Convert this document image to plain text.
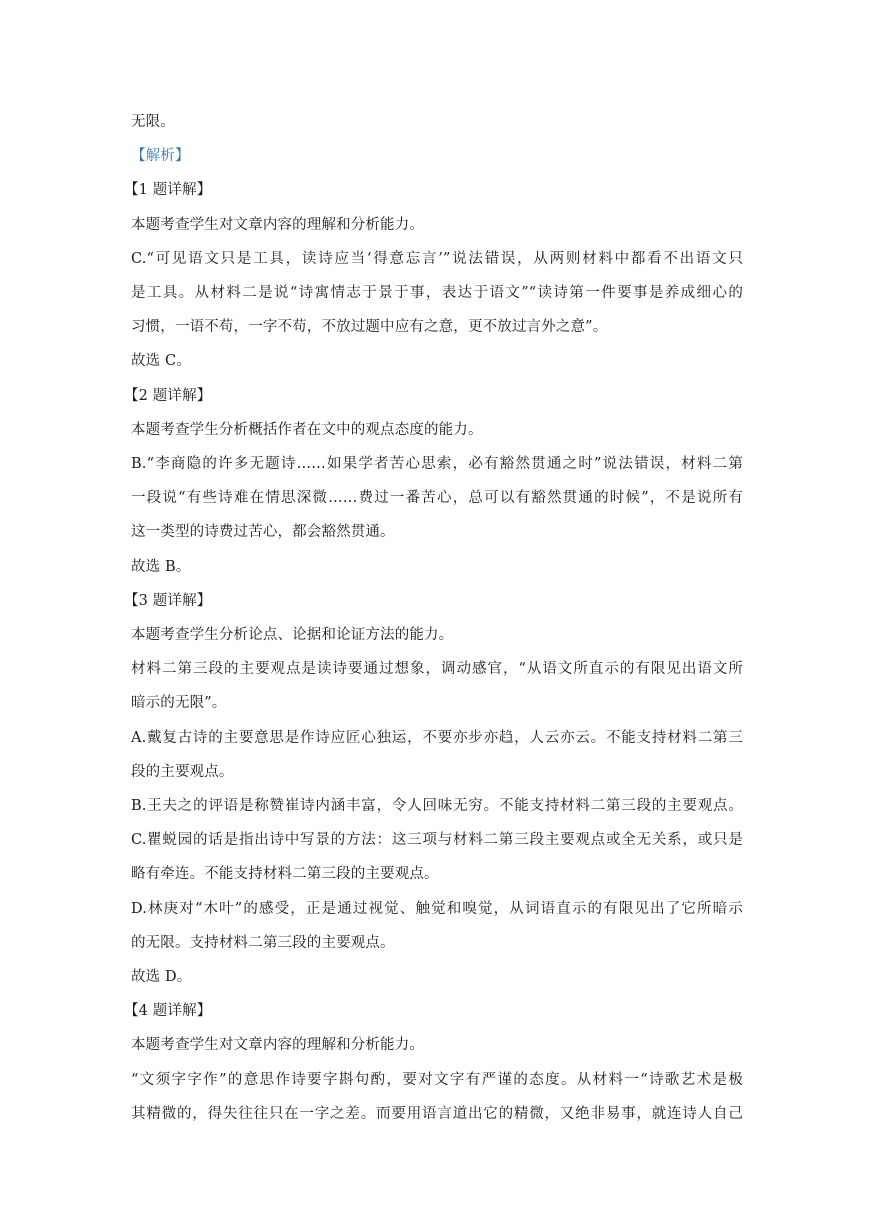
无限。
【解析】
【1 题详解】
本题考查学生对文章内容的理解和分析能力。
C.“可见语文只是工具，读诗应当‘得意忘言’”说法错误，从两则材料中都看不出语文只
是工具。从材料二是说“诗寓情志于景于事，表达于语文”“读诗第一件要事是养成细心的
习惯，一语不苟，一字不苟，不放过题中应有之意，更不放过言外之意”。
故选 C。
【2 题详解】
本题考查学生分析概括作者在文中的观点态度的能力。
B.“李商隐的许多无题诗……如果学者苦心思索，必有豁然贯通之时”说法错误，材料二第
一段说“有些诗难在情思深微……费过一番苦心，总可以有豁然贯通的时候”，不是说所有
这一类型的诗费过苦心，都会豁然贯通。
故选 B。
【3 题详解】
本题考查学生分析论点、论据和论证方法的能力。
材料二第三段的主要观点是读诗要通过想象，调动感官，“从语文所直示的有限见出语文所
暗示的无限”。
A.戴复古诗的主要意思是作诗应匠心独运，不要亦步亦趋，人云亦云。不能支持材料二第三
段的主要观点。
B.王夫之的评语是称赞崔诗内涵丰富，令人回味无穷。不能支持材料二第三段的主要观点。
C.瞿蜕园的话是指出诗中写景的方法：这三项与材料二第三段主要观点或全无关系，或只是
略有牵连。不能支持材料二第三段的主要观点。
D.林庚对“木叶”的感受，正是通过视觉、触觉和嗅觉，从词语直示的有限见出了它所暗示
的无限。支持材料二第三段的主要观点。
故选 D。
【4 题详解】
本题考查学生对文章内容的理解和分析能力。
“文须字字作”的意思作诗要字斟句酌，要对文字有严谨的态度。从材料一“诗歌艺术是极
其精微的，得失往往只在一字之差。而要用语言道出它的精微，又绝非易事，就连诗人自己
